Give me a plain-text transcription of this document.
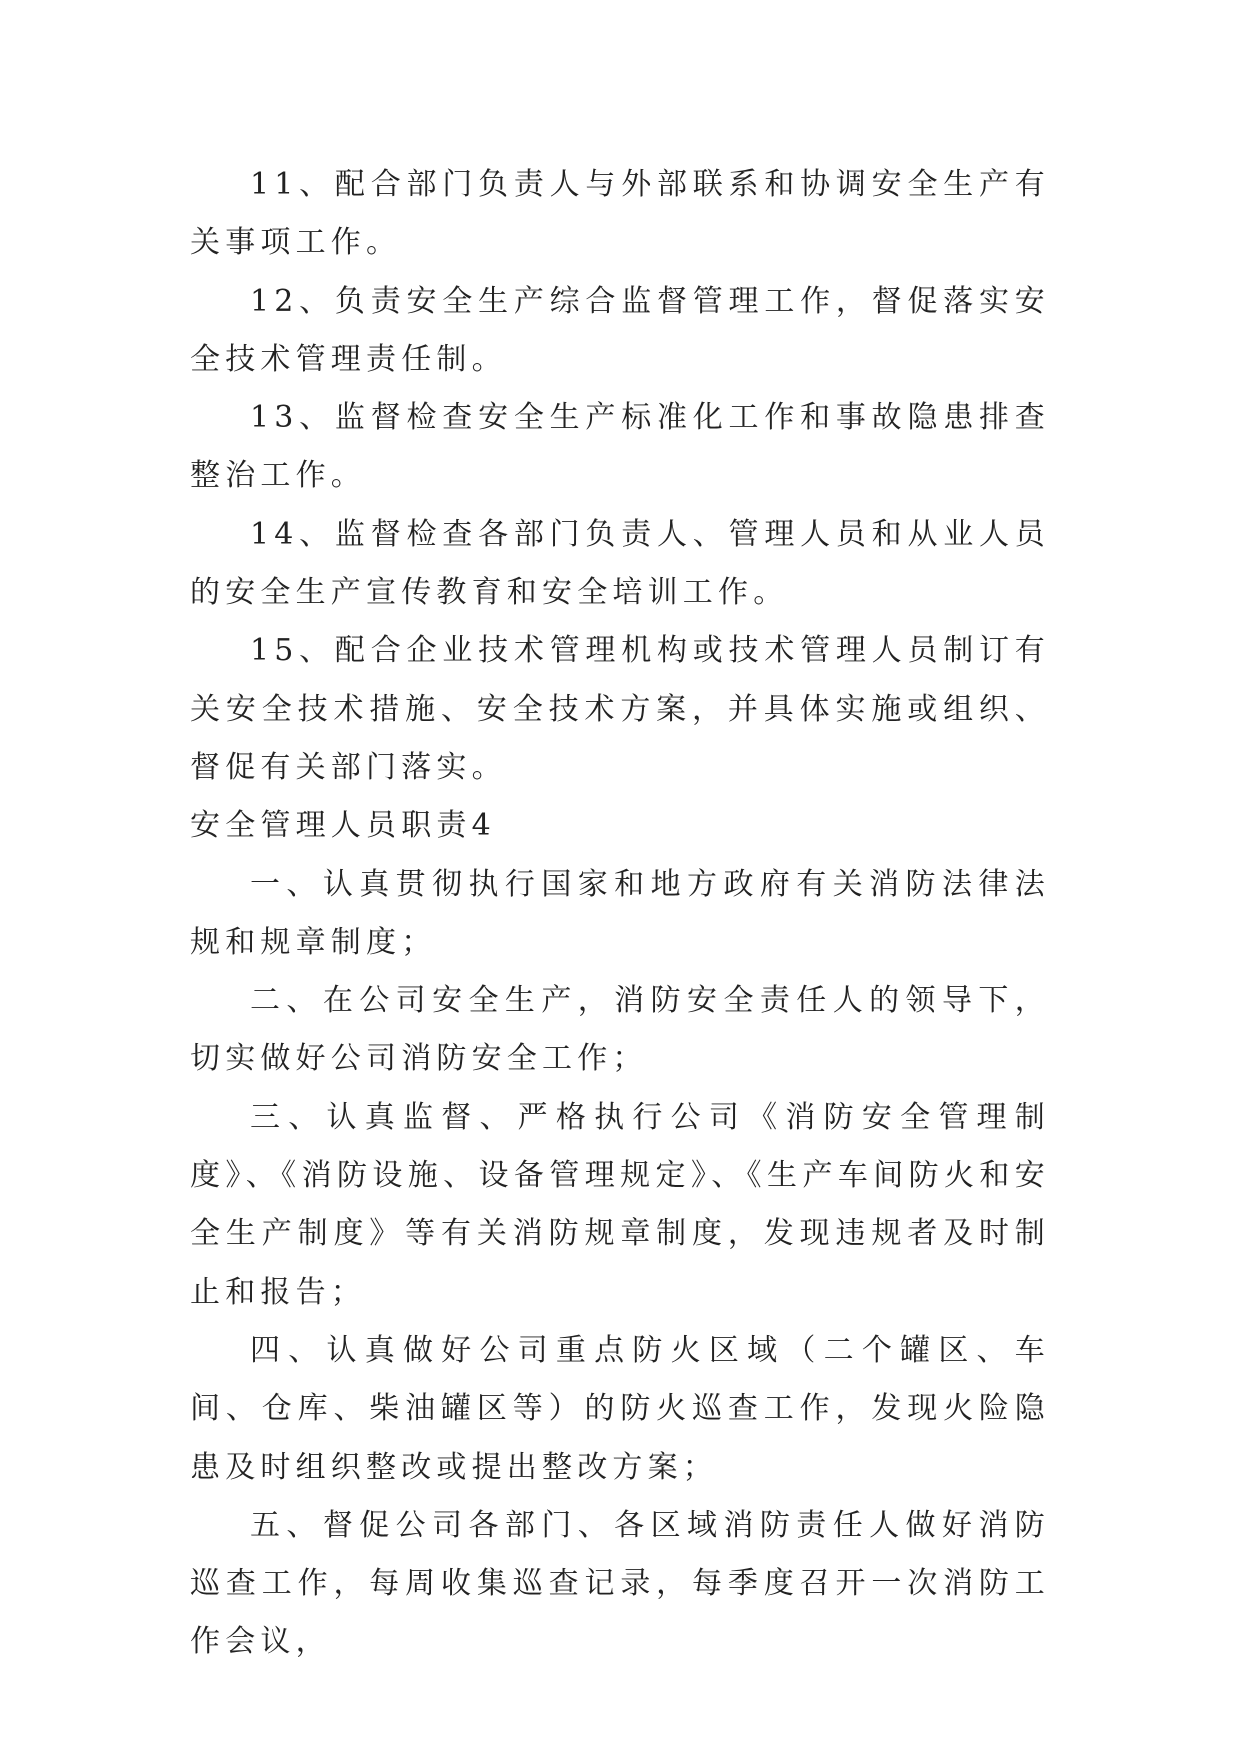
11、配合部门负责人与外部联系和协调安全生产有关事项工作。

12、负责安全生产综合监督管理工作，督促落实安全技术管理责任制。

13、监督检查安全生产标准化工作和事故隐患排查整治工作。

14、监督检查各部门负责人、管理人员和从业人员的安全生产宣传教育和安全培训工作。

15、配合企业技术管理机构或技术管理人员制订有关安全技术措施、安全技术方案，并具体实施或组织、督促有关部门落实。

安全管理人员职责4

一、认真贯彻执行国家和地方政府有关消防法律法规和规章制度；

二、在公司安全生产，消防安全责任人的领导下，切实做好公司消防安全工作；

三、认真监督、严格执行公司《消防安全管理制度》、《消防设施、设备管理规定》、《生产车间防火和安全生产制度》等有关消防规章制度，发现违规者及时制止和报告；

四、认真做好公司重点防火区域（二个罐区、车间、仓库、柴油罐区等）的防火巡查工作，发现火险隐患及时组织整改或提出整改方案；

五、督促公司各部门、各区域消防责任人做好消防巡查工作，每周收集巡查记录，每季度召开一次消防工作会议，
